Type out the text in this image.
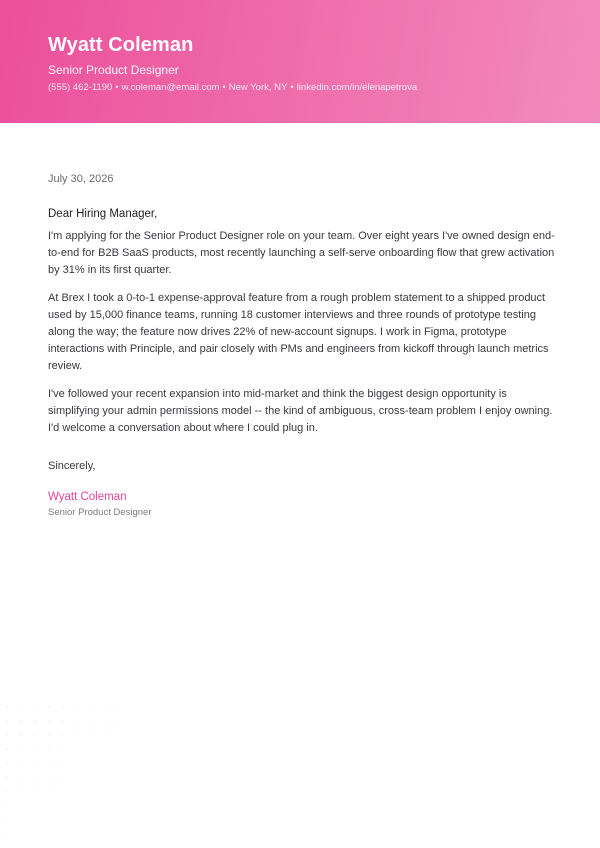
Wyatt Coleman
Senior Product Designer
(555) 462-1190 • w.coleman@email.com • New York, NY • linkedin.com/in/elenapetrova

July 30, 2026

Dear Hiring Manager,

I'm applying for the Senior Product Designer role on your team. Over eight years I've owned design end-to-end for B2B SaaS products, most recently launching a self-serve onboarding flow that grew activation by 31% in its first quarter.

At Brex I took a 0-to-1 expense-approval feature from a rough problem statement to a shipped product used by 15,000 finance teams, running 18 customer interviews and three rounds of prototype testing along the way; the feature now drives 22% of new-account signups. I work in Figma, prototype interactions with Principle, and pair closely with PMs and engineers from kickoff through launch metrics review.

I've followed your recent expansion into mid-market and think the biggest design opportunity is simplifying your admin permissions model -- the kind of ambiguous, cross-team problem I enjoy owning. I'd welcome a conversation about where I could plug in.

Sincerely,

Wyatt Coleman

Senior Product Designer
